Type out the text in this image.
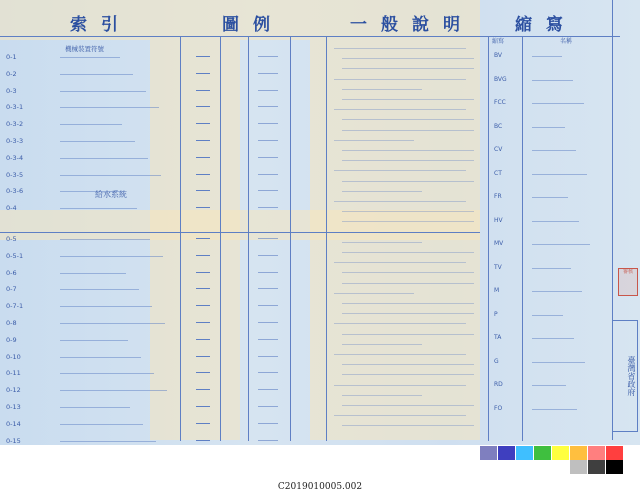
索引	圖例	一般說明 縮寫
機械裝置符號
0-1
0-2
0-3
0-3-1
0-3-2
0-3-3
0-3-4
0-3-5
0-3-6
0-4
0-5
0-5-1
0-6
0-7
0-7-1
0-8
0-9
0-10
0-11
0-12
0-13
0-14
0-15
給水系統
縮寫	名稱
BV
BVG
FCC
BC
CV
CT
FR
HV
MV
TV
M
P
TA
G
RD
FO
審核
臺灣省政府
C2019010005.002
